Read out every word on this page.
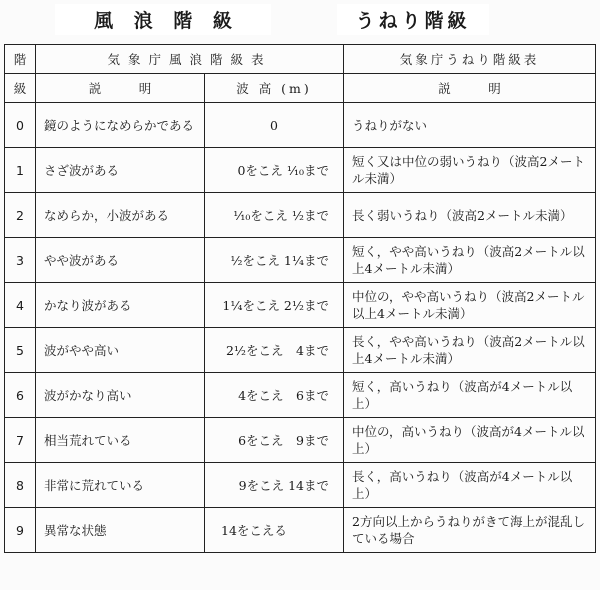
風 浪 階 級	うねり階級
階	気象庁風浪階級表		気象庁うねり階級表
級	説　　　明	波 高 (m)	説　　　明
0	鏡のようになめらかである	0	うねりがない
1	さざ波がある	0をこえ ⅒まで	短く又は中位の弱いうねり（波高2メートル未満）
2	なめらか，小波がある	⅒をこえ ½まで	長く弱いうねり（波高2メートル未満）
3	やや波がある	½をこえ 1¼まで	短く，やや高いうねり（波高2メートル以上4メートル未満）
4	かなり波がある	1¼をこえ 2½まで	中位の，やや高いうねり（波高2メートル以上4メートル未満）
5	波がやや高い	2½をこえ　4まで	長く，やや高いうねり（波高2メートル以上4メートル未満）
6	波がかなり高い	4をこえ　6まで	短く，高いうねり（波高が4メートル以上）
7	相当荒れている	6をこえ　9まで	中位の，高いうねり（波高が4メートル以上）
8	非常に荒れている	9をこえ 14まで	長く，高いうねり（波高が4メートル以上）
9	異常な状態	14をこえる	2方向以上からうねりがきて海上が混乱している場合
